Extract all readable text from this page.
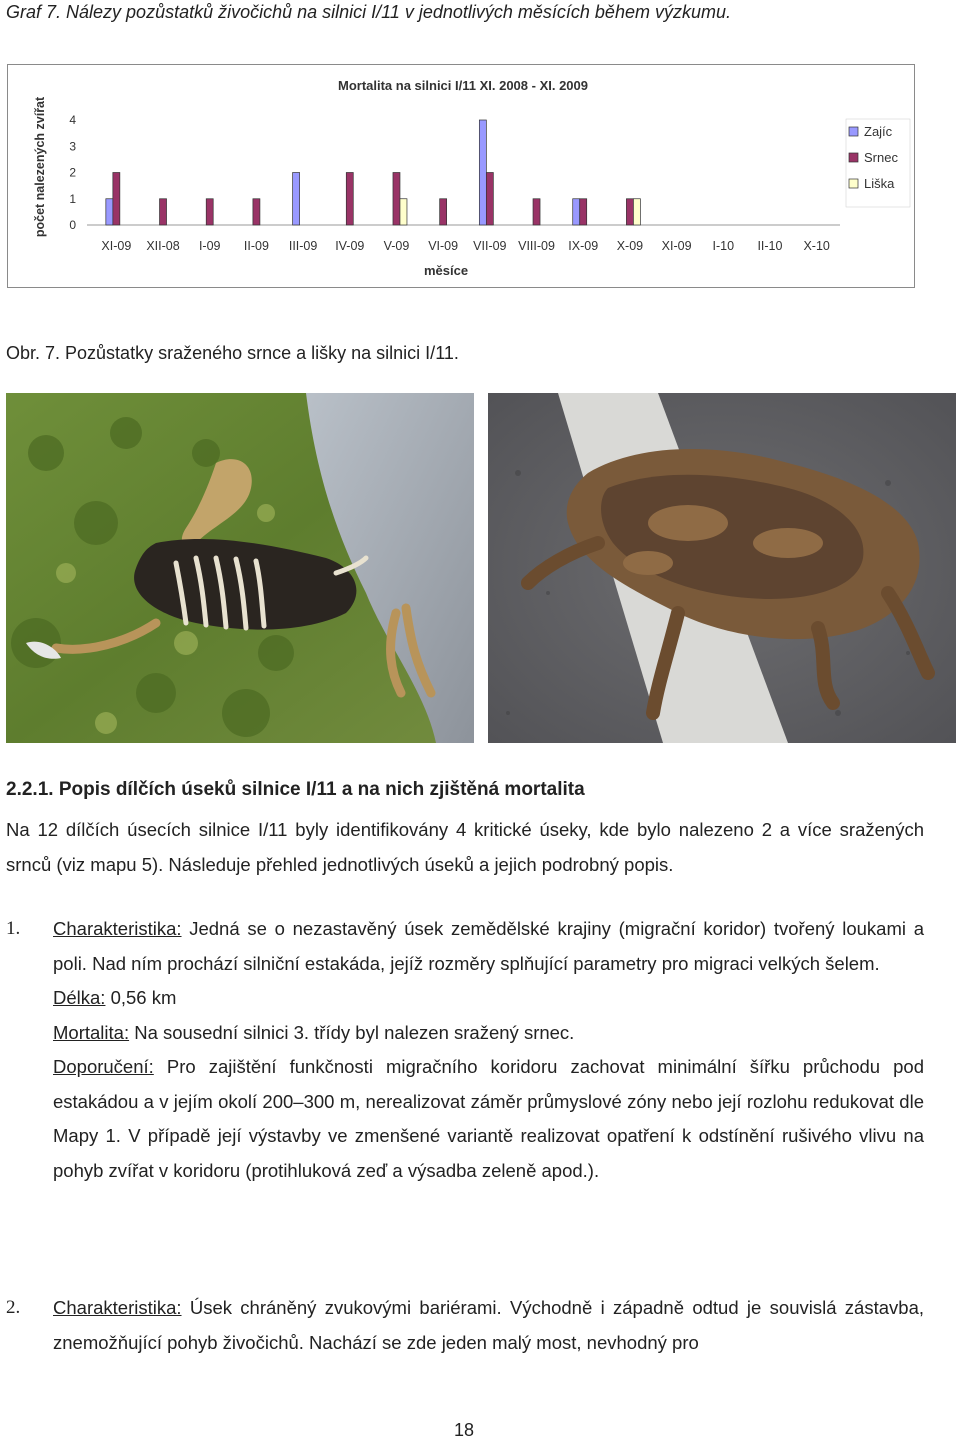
Graf 7. Nálezy pozůstatků živočichů na silnici I/11 v jednotlivých měsících během výzkumu.
Mortalita na silnici I/11 XI. 2008 - XI. 2009
počet nalezených zvířat
měsíce
0
1
2
3
4
XI-09 XII-08 I-09 II-09 III-09 IV-09 V-09 VI-09 VII-09 VIII-09 IX-09 X-09 XI-09 I-10 II-10 X-10
Zajíc
Srnec
Liška
Obr. 7. Pozůstatky sraženého srnce a lišky na silnici I/11.
2.2.1. Popis dílčích úseků silnice I/11 a na nich zjištěná mortalita
Na 12 dílčích úsecích silnice I/11 byly identifikovány 4 kritické úseky, kde bylo nalezeno 2 a více sražených srnců (viz mapu 5). Následuje přehled jednotlivých úseků a jejich podrobný popis.
1. Charakteristika: Jedná se o nezastavěný úsek zemědělské krajiny (migrační koridor) tvořený loukami a poli. Nad ním prochází silniční estakáda, jejíž rozměry splňující parametry pro migraci velkých šelem.
Délka: 0,56 km
Mortalita: Na sousední silnici 3. třídy byl nalezen sražený srnec.
Doporučení: Pro zajištění funkčnosti migračního koridoru zachovat minimální šířku průchodu pod estakádou a v jejím okolí 200–300 m, nerealizovat záměr průmyslové zóny nebo její rozlohu redukovat dle Mapy 1. V případě její výstavby ve zmenšené variantě realizovat opatření k odstínění rušivého vlivu na pohyb zvířat v koridoru (protihluková zeď a výsadba zeleně apod.).
2. Charakteristika: Úsek chráněný zvukovými bariérami. Východně i západně odtud je souvislá zástavba, znemožňující pohyb živočichů. Nachází se zde jeden malý most, nevhodný pro
18
